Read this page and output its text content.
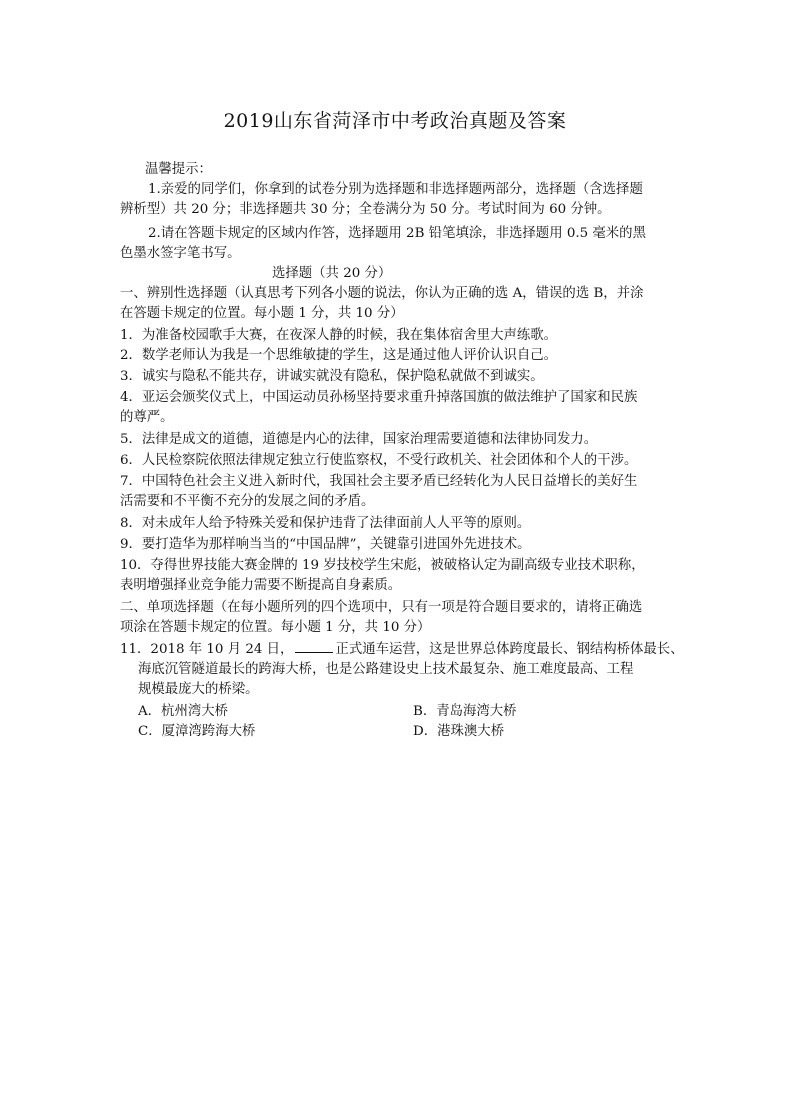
2019山东省菏泽市中考政治真题及答案
温馨提示：
1.亲爱的同学们，你拿到的试卷分别为选择题和非选择题两部分，选择题（含选择题
辨析型）共 20 分；非选择题共 30 分；全卷满分为 50 分。考试时间为 60 分钟。
2.请在答题卡规定的区域内作答，选择题用 2B 铅笔填涂，非选择题用 0.5 毫米的黑
色墨水签字笔书写。
选择题（共 20 分）
一、辨别性选择题（认真思考下列各小题的说法，你认为正确的选 A，错误的选 B，并涂
在答题卡规定的位置。每小题 1 分，共 10 分）
1．为准备校园歌手大赛，在夜深人静的时候，我在集体宿舍里大声练歌。
2．数学老师认为我是一个思维敏捷的学生，这是通过他人评价认识自己。
3．诚实与隐私不能共存，讲诚实就没有隐私，保护隐私就做不到诚实。
4．亚运会颁奖仪式上，中国运动员孙杨坚持要求重升掉落国旗的做法维护了国家和民族
的尊严。
5．法律是成文的道德，道德是内心的法律，国家治理需要道德和法律协同发力。
6．人民检察院依照法律规定独立行使监察权，不受行政机关、社会团体和个人的干涉。
7．中国特色社会主义进入新时代，我国社会主要矛盾已经转化为人民日益增长的美好生
活需要和不平衡不充分的发展之间的矛盾。
8．对未成年人给予特殊关爱和保护违背了法律面前人人平等的原则。
9．要打造华为那样响当当的“中国品牌”，关键靠引进国外先进技术。
10．夺得世界技能大赛金牌的 19 岁技校学生宋彪，被破格认定为副高级专业技术职称，
表明增强择业竞争能力需要不断提高自身素质。
二、单项选择题（在每小题所列的四个选项中，只有一项是符合题目要求的，请将正确选
项涂在答题卡规定的位置。每小题 1 分，共 10 分）
11．2018 年 10 月 24 日，	正式通车运营，这是世界总体跨度最长、钢结构桥体最长、
海底沉管隧道最长的跨海大桥，也是公路建设史上技术最复杂、施工难度最高、工程
规模最庞大的桥梁。
A．杭州湾大桥	B．青岛海湾大桥
C．厦漳湾跨海大桥	D．港珠澳大桥
